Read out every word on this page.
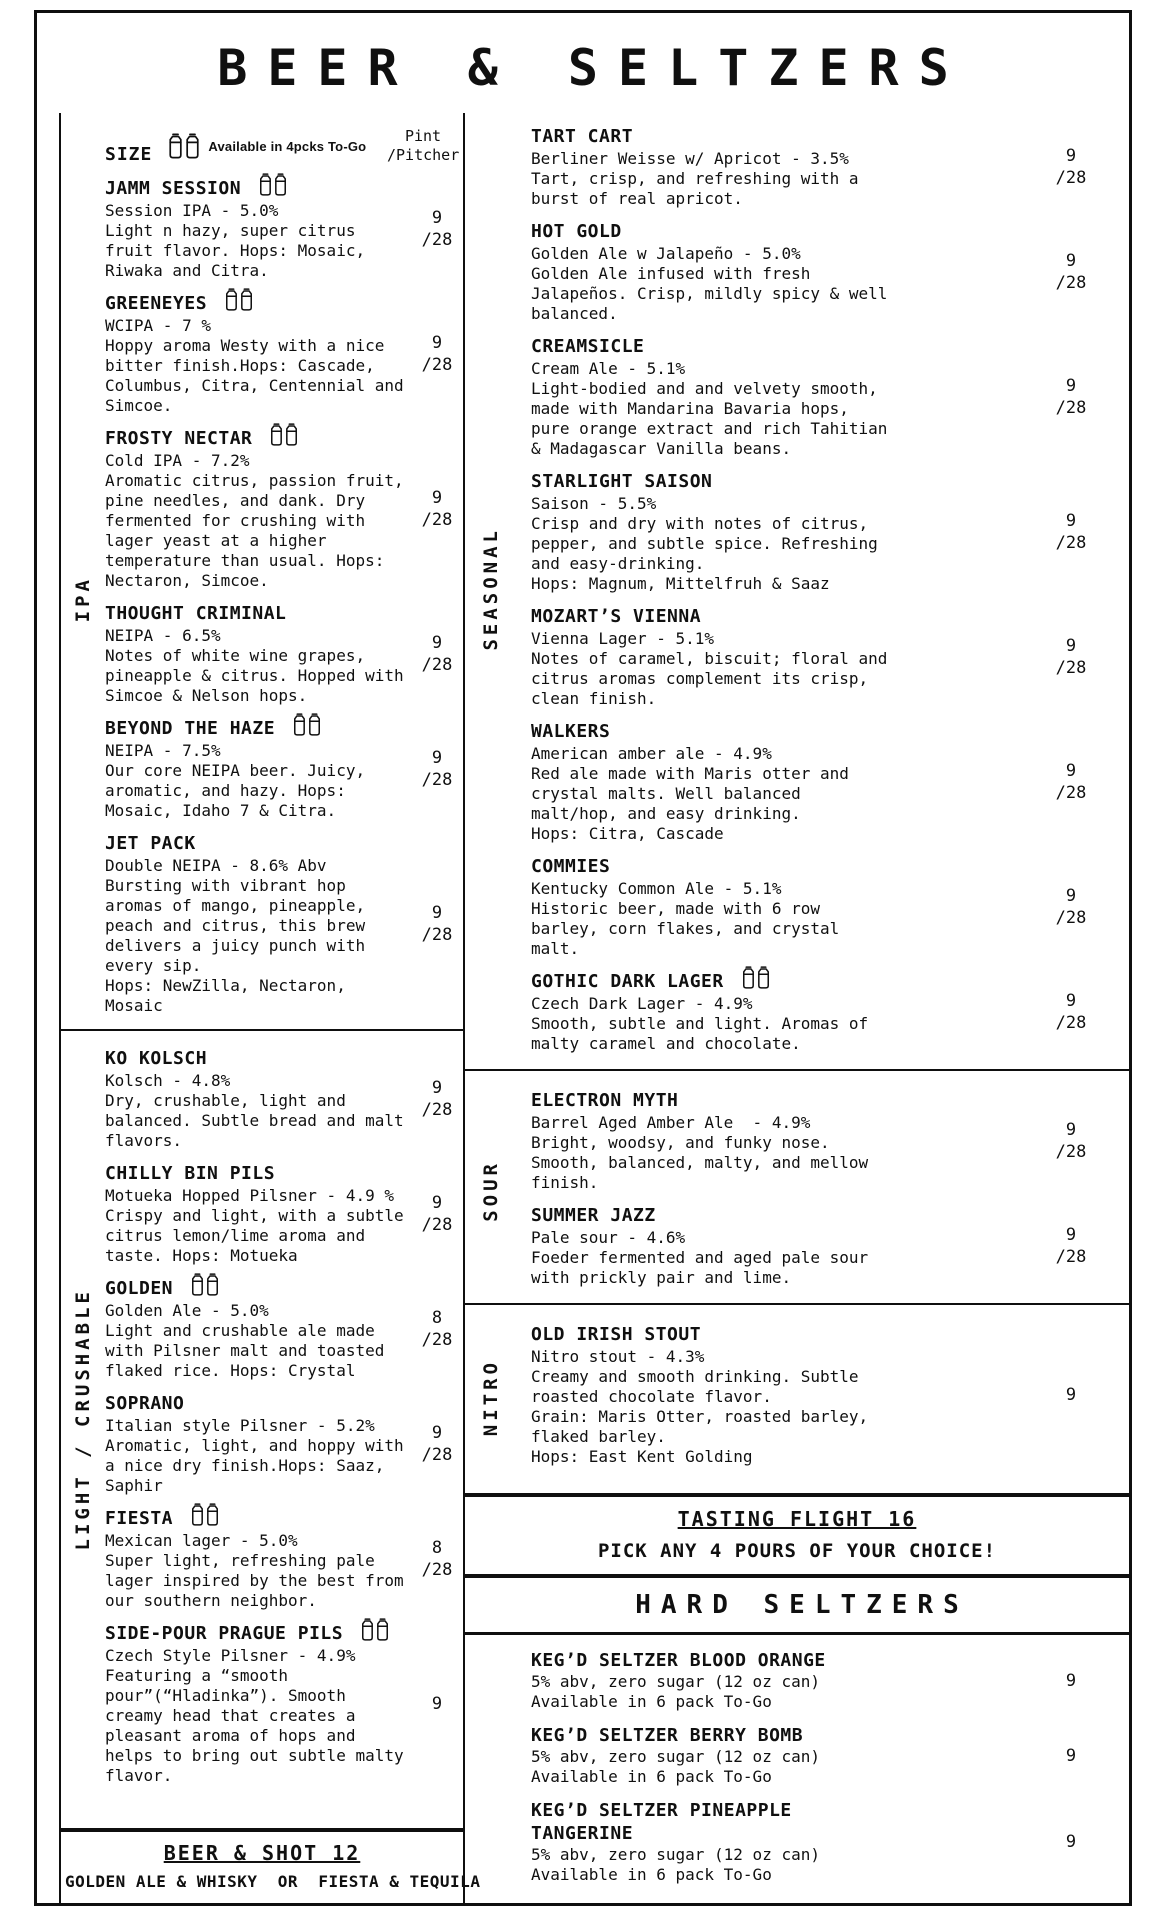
BEER & SELTZERS
SIZE	Available in 4pcks To-Go
Pint
/Pitcher
IPA
JAMM SESSION
Session IPA - 5.0%
Light n hazy, super citrus fruit flavor. Hops: Mosaic, Riwaka and Citra.
9
/28
GREENEYES
WCIPA - 7 %
Hoppy aroma Westy with a nice bitter finish.Hops: Cascade, Columbus, Citra, Centennial and Simcoe.
9
/28
FROSTY NECTAR
Cold IPA - 7.2%
Aromatic citrus, passion fruit, pine needles, and dank. Dry fermented for crushing with lager yeast at a higher temperature than usual. Hops: Nectaron, Simcoe.
9
/28
THOUGHT CRIMINAL
NEIPA - 6.5%
Notes of white wine grapes, pineapple & citrus. Hopped with Simcoe & Nelson hops.
9
/28
BEYOND THE HAZE
NEIPA - 7.5%
Our core NEIPA beer. Juicy, aromatic, and hazy. Hops: Mosaic, Idaho 7 & Citra.
9
/28
JET PACK
Double NEIPA - 8.6% Abv
Bursting with vibrant hop aromas of mango, pineapple, peach and citrus, this brew delivers a juicy punch with every sip.
Hops: NewZilla, Nectaron, Mosaic
9
/28
LIGHT / CRUSHABLE
KO KOLSCH
Kolsch - 4.8%
Dry, crushable, light and balanced. Subtle bread and malt flavors.
9
/28
CHILLY BIN PILS
Motueka Hopped Pilsner - 4.9 %
Crispy and light, with a subtle citrus lemon/lime aroma and taste. Hops: Motueka
9
/28
GOLDEN
Golden Ale - 5.0%
Light and crushable ale made with Pilsner malt and toasted flaked rice. Hops: Crystal
8
/28
SOPRANO
Italian style Pilsner - 5.2%
Aromatic, light, and hoppy with a nice dry finish.Hops: Saaz, Saphir
9
/28
FIESTA
Mexican lager - 5.0%
Super light, refreshing pale lager inspired by the best from our southern neighbor.
8
/28
SIDE-POUR PRAGUE PILS
Czech Style Pilsner - 4.9%
Featuring a “smooth pour”(“Hladinka”). Smooth creamy head that creates a pleasant aroma of hops and helps to bring out subtle malty flavor.
9
BEER & SHOT 12
GOLDEN ALE & WHISKY  OR  FIESTA & TEQUILA
SEASONAL
TART CART
Berliner Weisse w/ Apricot - 3.5%
Tart, crisp, and refreshing with a burst of real apricot.
9
/28
HOT GOLD
Golden Ale w Jalapeño - 5.0%
Golden Ale infused with fresh Jalapeños. Crisp, mildly spicy & well balanced.
9
/28
CREAMSICLE
Cream Ale - 5.1%
Light-bodied and and velvety smooth, made with Mandarina Bavaria hops, pure orange extract and rich Tahitian & Madagascar Vanilla beans.
9
/28
STARLIGHT SAISON
Saison - 5.5%
Crisp and dry with notes of citrus, pepper, and subtle spice. Refreshing and easy-drinking.
Hops: Magnum, Mittelfruh & Saaz
9
/28
MOZART’S VIENNA
Vienna Lager - 5.1%
Notes of caramel, biscuit; floral and citrus aromas complement its crisp, clean finish.
9
/28
WALKERS
American amber ale - 4.9%
Red ale made with Maris otter and crystal malts. Well balanced malt/hop, and easy drinking.
Hops: Citra, Cascade
9
/28
COMMIES
Kentucky Common Ale - 5.1%
Historic beer, made with 6 row barley, corn flakes, and crystal malt.
9
/28
GOTHIC DARK LAGER
Czech Dark Lager - 4.9%
Smooth, subtle and light. Aromas of malty caramel and chocolate.
9
/28
SOUR
ELECTRON MYTH
Barrel Aged Amber Ale  - 4.9%
Bright, woodsy, and funky nose. Smooth, balanced, malty, and mellow finish.
9
/28
SUMMER JAZZ
Pale sour - 4.6%
Foeder fermented and aged pale sour with prickly pair and lime.
9
/28
NITRO
OLD IRISH STOUT
Nitro stout - 4.3%
Creamy and smooth drinking. Subtle roasted chocolate flavor.
Grain: Maris Otter, roasted barley, flaked barley.
Hops: East Kent Golding
9
TASTING FLIGHT 16
PICK ANY 4 POURS OF YOUR CHOICE!
HARD SELTZERS
KEG’D SELTZER BLOOD ORANGE
5% abv, zero sugar (12 oz can)
Available in 6 pack To-Go
9
KEG’D SELTZER BERRY BOMB
5% abv, zero sugar (12 oz can)
Available in 6 pack To-Go
9
KEG’D SELTZER PINEAPPLE TANGERINE
5% abv, zero sugar (12 oz can)
Available in 6 pack To-Go
9
